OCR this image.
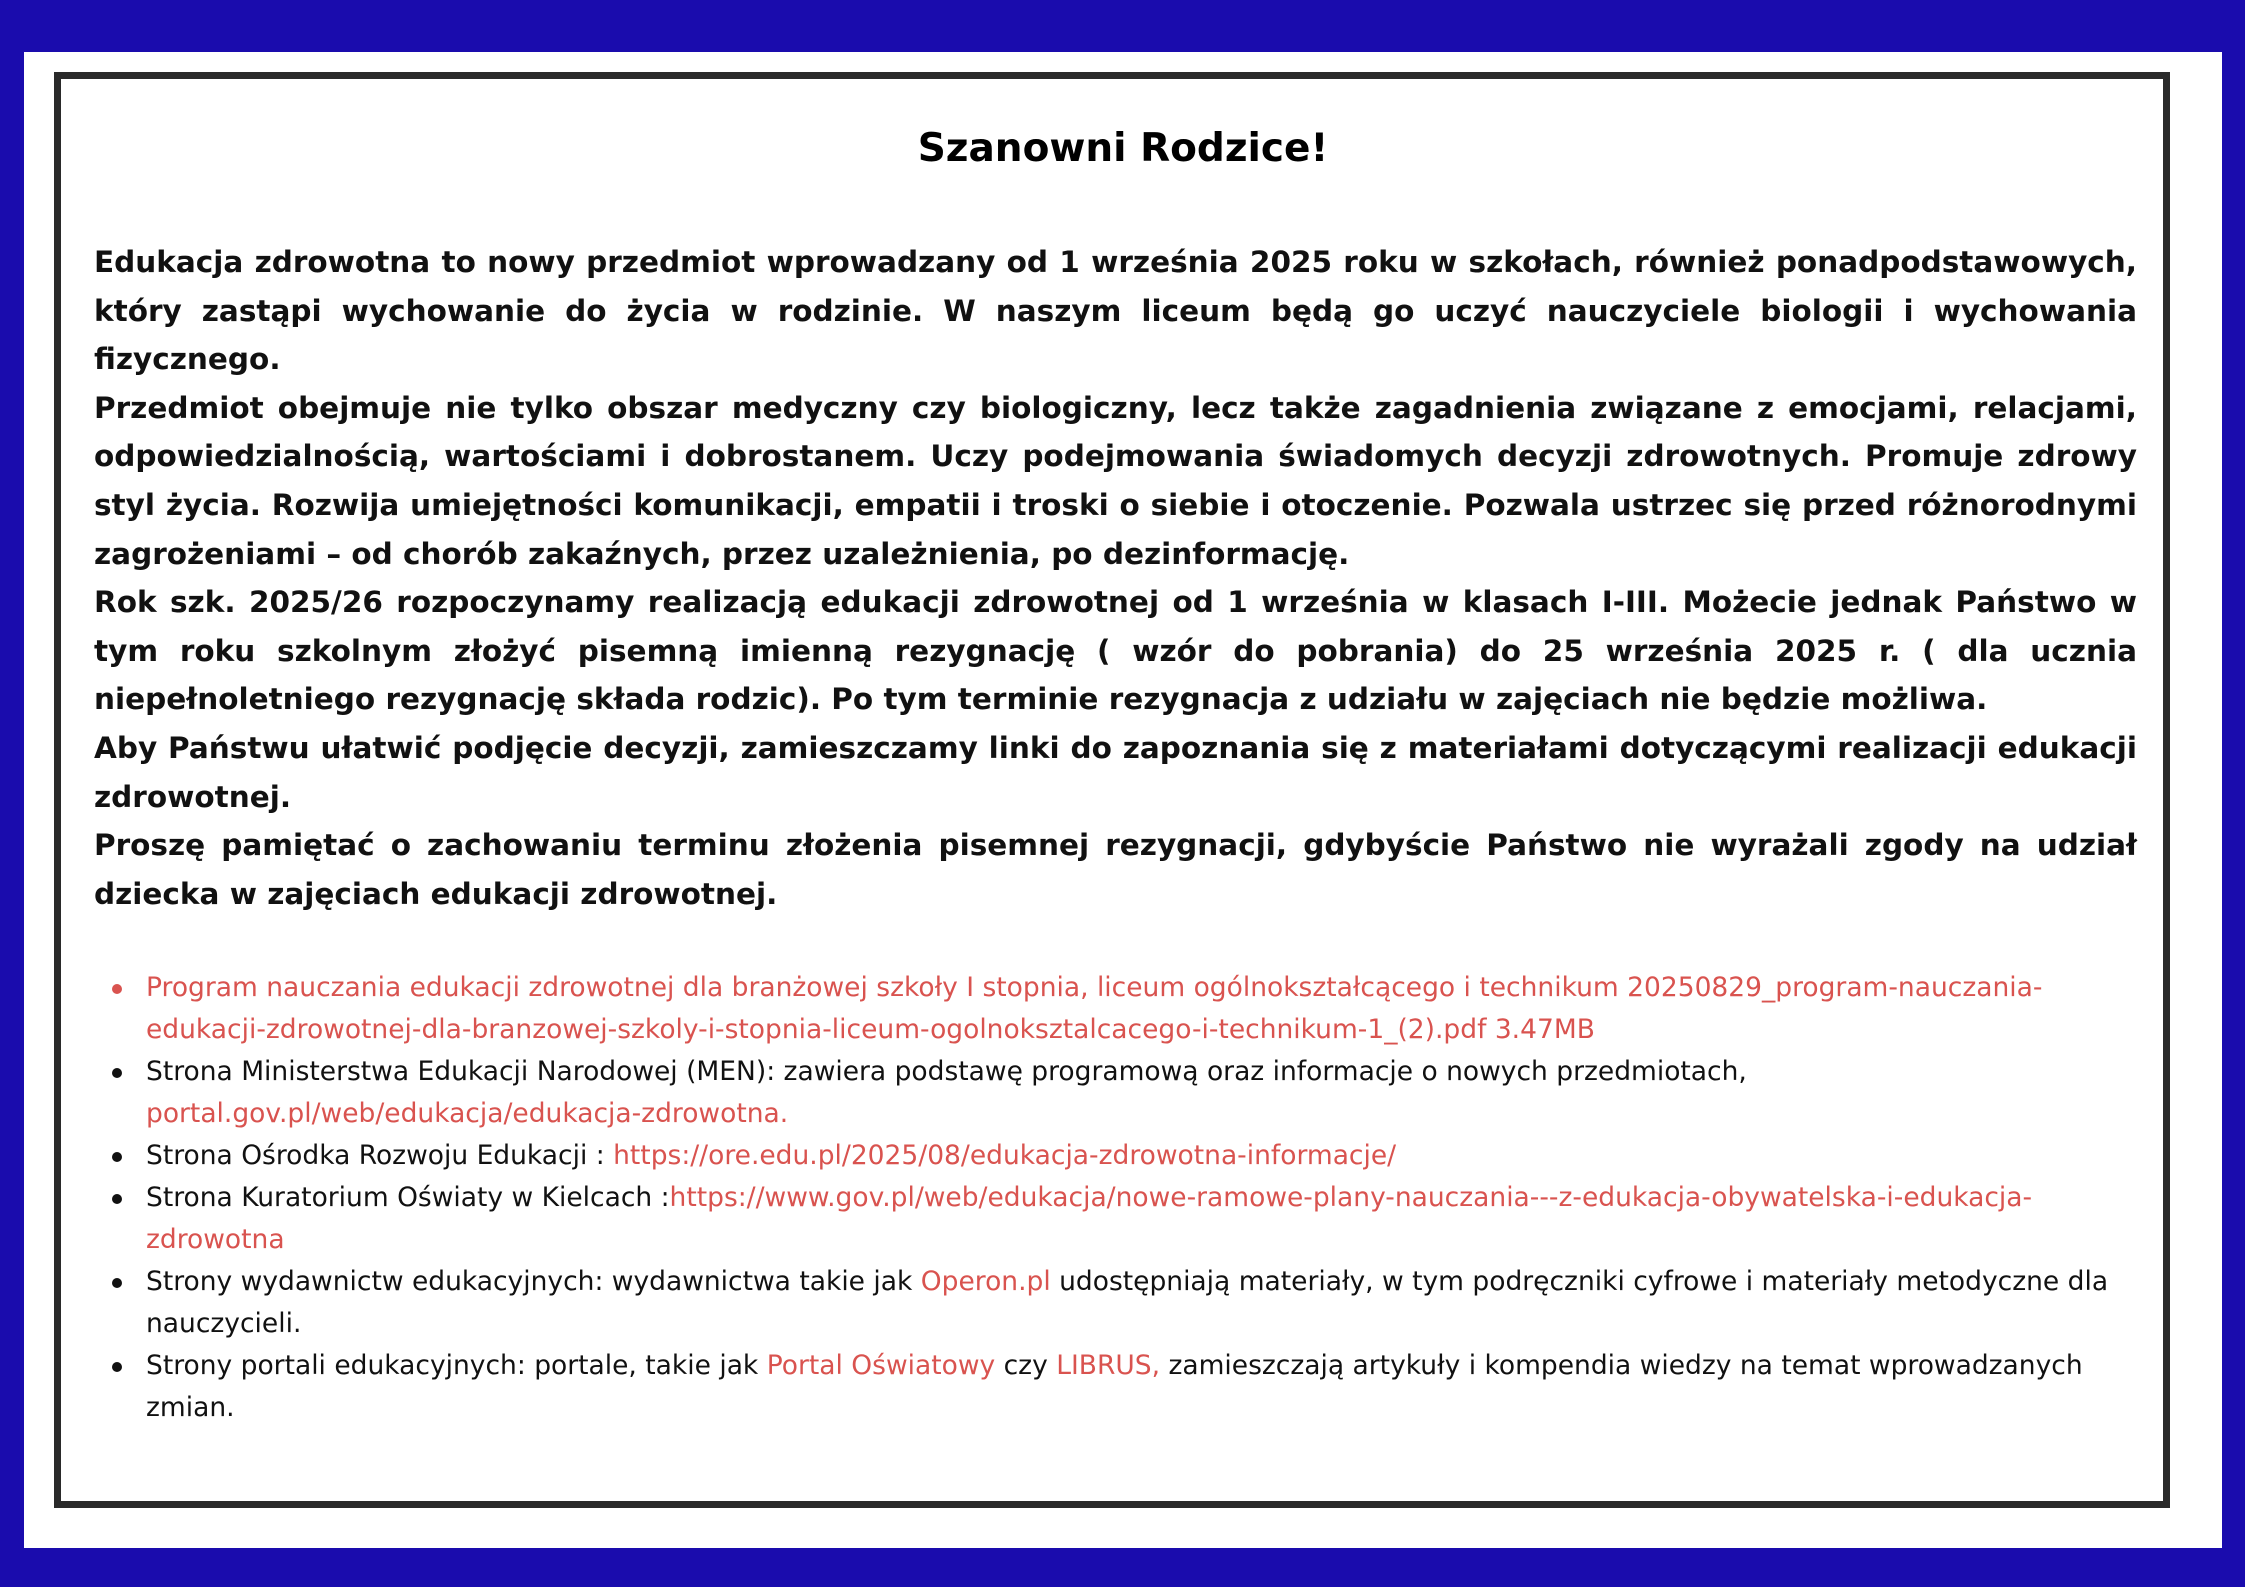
Szanowni Rodzice!

Edukacja zdrowotna to nowy przedmiot wprowadzany od 1 września 2025 roku w szkołach, również ponadpodstawowych, który zastąpi wychowanie do życia w rodzinie. W naszym liceum będą go uczyć nauczyciele biologii i wychowania fizycznego.

Przedmiot obejmuje nie tylko obszar medyczny czy biologiczny, lecz także zagadnienia związane z emocjami, relacjami, odpowiedzialnością, wartościami i dobrostanem. Uczy podejmowania świadomych decyzji zdrowotnych. Promuje zdrowy styl życia. Rozwija umiejętności komunikacji, empatii i troski o siebie i otoczenie. Pozwala ustrzec się przed różnorodnymi zagrożeniami – od chorób zakaźnych, przez uzależnienia, po dezinformację.

Rok szk. 2025/26 rozpoczynamy realizacją edukacji zdrowotnej od 1 września w klasach I-III. Możecie jednak Państwo w tym roku szkolnym złożyć pisemną imienną rezygnację ( wzór do pobrania) do 25 września 2025 r. ( dla ucznia niepełnoletniego rezygnację składa rodzic). Po tym terminie rezygnacja z udziału w zajęciach nie będzie możliwa.

Aby Państwu ułatwić podjęcie decyzji, zamieszczamy linki do zapoznania się z materiałami dotyczącymi realizacji edukacji zdrowotnej.

Proszę pamiętać o zachowaniu terminu złożenia pisemnej rezygnacji, gdybyście Państwo nie wyrażali zgody na udział dziecka w zajęciach edukacji zdrowotnej.

Program nauczania edukacji zdrowotnej dla branżowej szkoły I stopnia, liceum ogólnokształcącego i technikum 20250829_program-nauczania-edukacji-zdrowotnej-dla-branzowej-szkoly-i-stopnia-liceum-ogolnoksztalcacego-i-technikum-1_(2).pdf 3.47MB
Strona Ministerstwa Edukacji Narodowej (MEN): zawiera podstawę programową oraz informacje o nowych przedmiotach, portal.gov.pl/web/edukacja/edukacja-zdrowotna.
Strona Ośrodka Rozwoju Edukacji : https://ore.edu.pl/2025/08/edukacja-zdrowotna-informacje/
Strona Kuratorium Oświaty w Kielcach :https://www.gov.pl/web/edukacja/nowe-ramowe-plany-nauczania---z-edukacja-obywatelska-i-edukacja-zdrowotna
Strony wydawnictw edukacyjnych: wydawnictwa takie jak Operon.pl udostępniają materiały, w tym podręczniki cyfrowe i materiały metodyczne dla nauczycieli.
Strony portali edukacyjnych: portale, takie jak Portal Oświatowy czy LIBRUS, zamieszczają artykuły i kompendia wiedzy na temat wprowadzanych zmian.
